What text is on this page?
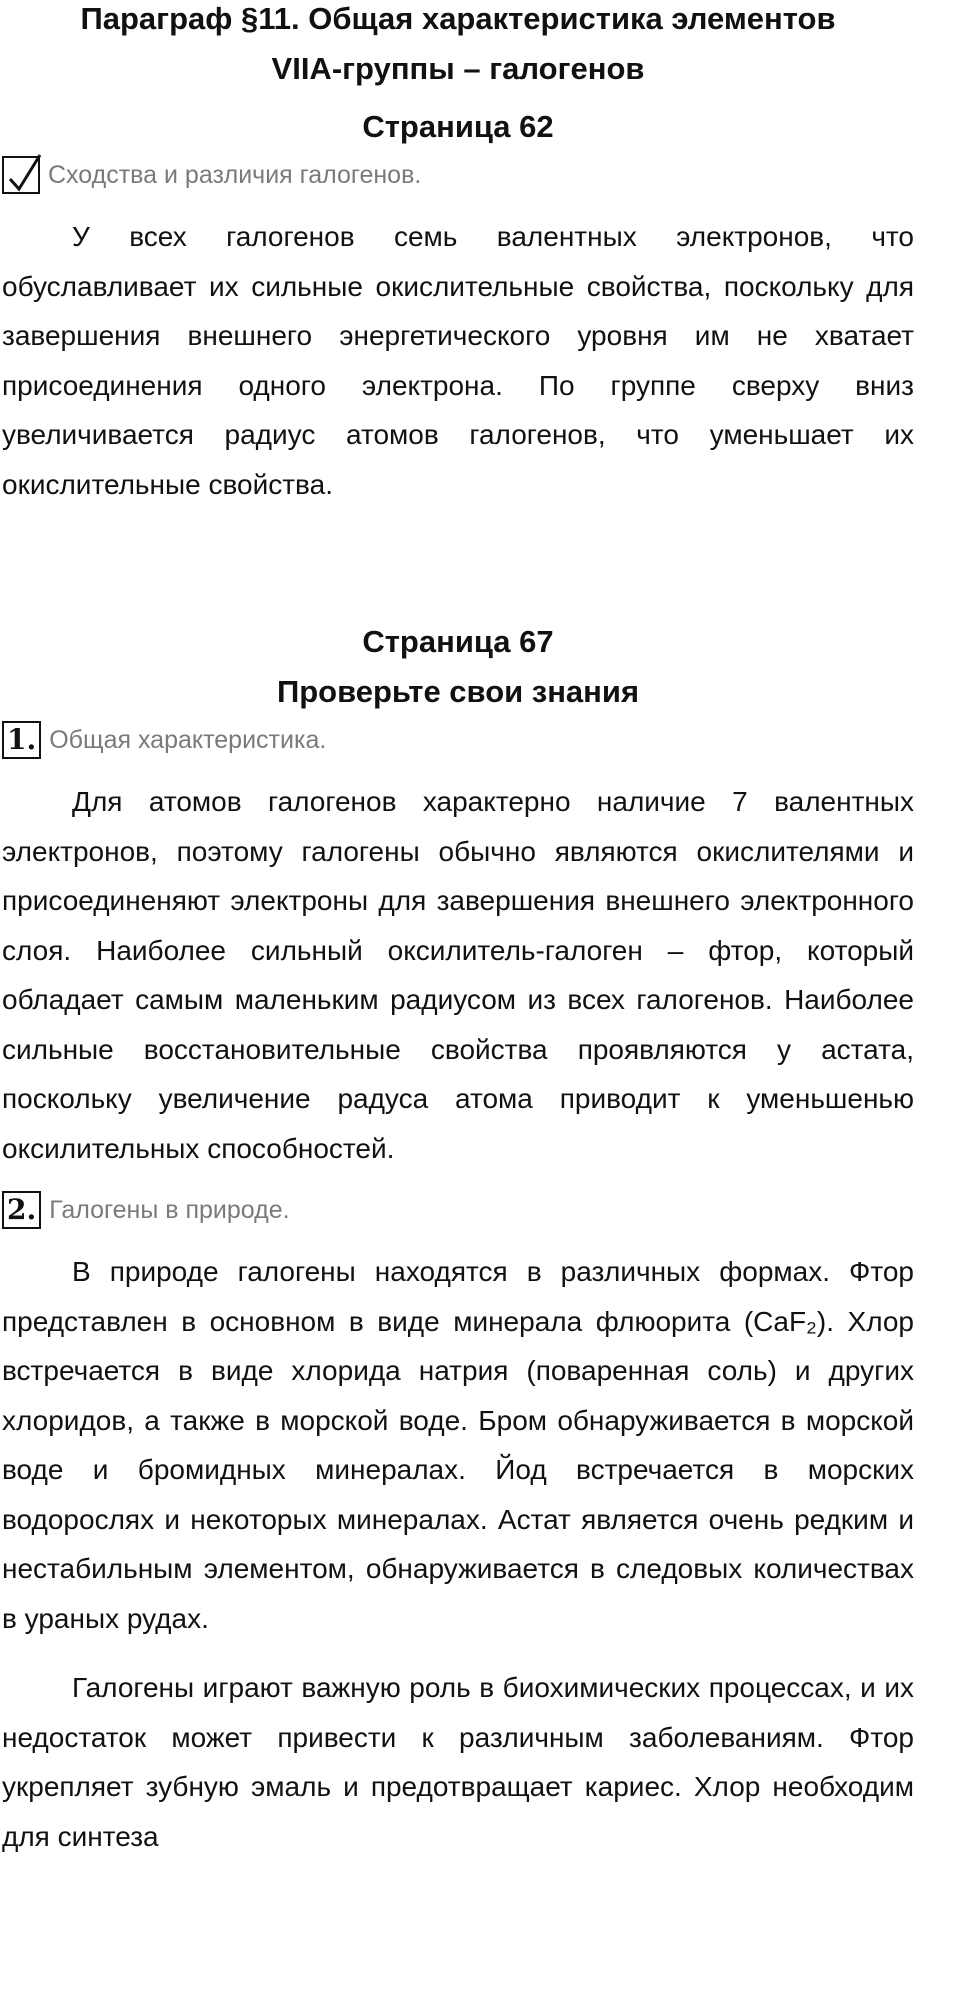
Параграф §11. Общая характеристика элементов
VIIA-группы – галогенов
Страница 62
Сходства и различия галогенов.

У всех галогенов семь валентных электронов, что обуславливает их сильные окислительные свойства, поскольку для завершения внешнего энергетического уровня им не хватает присоединения одного электрона. По группе сверху вниз увеличивается радиус атомов галогенов, что уменьшает их окислительные свойства.

Страница 67
Проверьте свои знания
1. Общая характеристика.

Для атомов галогенов характерно наличие 7 валентных электронов, поэтому галогены обычно являются окислителями и присоединеняют электроны для завершения внешнего электронного слоя. Наиболее сильный оксилитель-галоген – фтор, который обладает самым маленьким радиусом из всех галогенов. Наиболее сильные восстановительные свойства проявляются у астата, поскольку увеличение радуса атома приводит к уменьшенью оксилительных способностей.

2. Галогены в природе.

В природе галогены находятся в различных формах. Фтор представлен в основном в виде минерала флюорита (CaF₂). Хлор встречается в виде хлорида натрия (поваренная соль) и других хлоридов, а также в морской воде. Бром обнаруживается в морской воде и бромидных минералах. Йод встречается в морских водорослях и некоторых минералах. Астат является очень редким и нестабильным элементом, обнаруживается в следовых количествах в ураных рудах.

Галогены играют важную роль в биохимических процессах, и их недостаток может привести к различным заболеваниям. Фтор укрепляет зубную эмаль и предотвращает кариес. Хлор необходим для синтеза
